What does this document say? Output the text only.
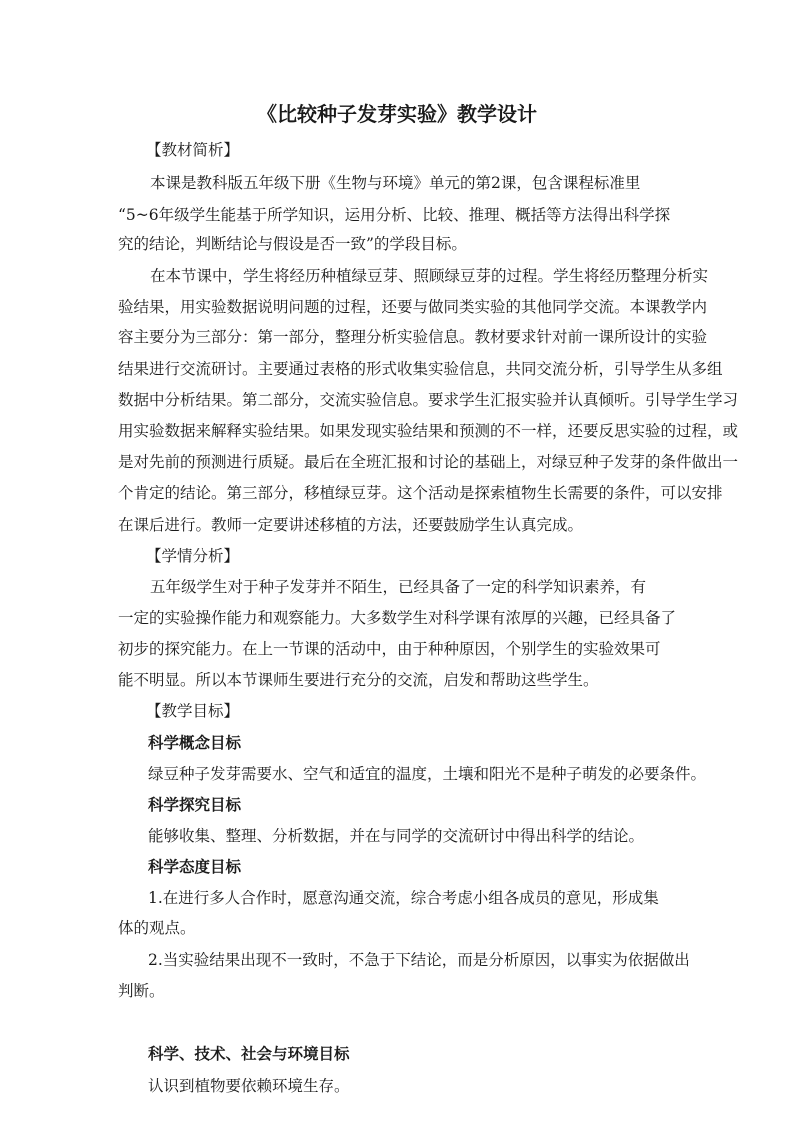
《比较种子发芽实验》教学设计
【教材简析】
本课是教科版五年级下册《生物与环境》单元的第2课，包含课程标准里
“5~6年级学生能基于所学知识，运用分析、比较、推理、概括等方法得出科学探
究的结论，判断结论与假设是否一致”的学段目标。
在本节课中，学生将经历种植绿豆芽、照顾绿豆芽的过程。学生将经历整理分析实
验结果，用实验数据说明问题的过程，还要与做同类实验的其他同学交流。本课教学内
容主要分为三部分：第一部分，整理分析实验信息。教材要求针对前一课所设计的实验
结果进行交流研讨。主要通过表格的形式收集实验信息，共同交流分析，引导学生从多组
数据中分析结果。第二部分，交流实验信息。要求学生汇报实验并认真倾听。引导学生学习
用实验数据来解释实验结果。如果发现实验结果和预测的不一样，还要反思实验的过程，或
是对先前的预测进行质疑。最后在全班汇报和讨论的基础上，对绿豆种子发芽的条件做出一
个肯定的结论。第三部分，移植绿豆芽。这个活动是探索植物生长需要的条件，可以安排
在课后进行。教师一定要讲述移植的方法，还要鼓励学生认真完成。
【学情分析】
五年级学生对于种子发芽并不陌生，已经具备了一定的科学知识素养，有
一定的实验操作能力和观察能力。大多数学生对科学课有浓厚的兴趣，已经具备了
初步的探究能力。在上一节课的活动中，由于种种原因，个别学生的实验效果可
能不明显。所以本节课师生要进行充分的交流，启发和帮助这些学生。
【教学目标】
科学概念目标
绿豆种子发芽需要水、空气和适宜的温度，土壤和阳光不是种子萌发的必要条件。
科学探究目标
能够收集、整理、分析数据，并在与同学的交流研讨中得出科学的结论。
科学态度目标
1.在进行多人合作时，愿意沟通交流，综合考虑小组各成员的意见，形成集
体的观点。
2.当实验结果出现不一致时，不急于下结论，而是分析原因，以事实为依据做出
判断。
科学、技术、社会与环境目标
认识到植物要依赖环境生存。
